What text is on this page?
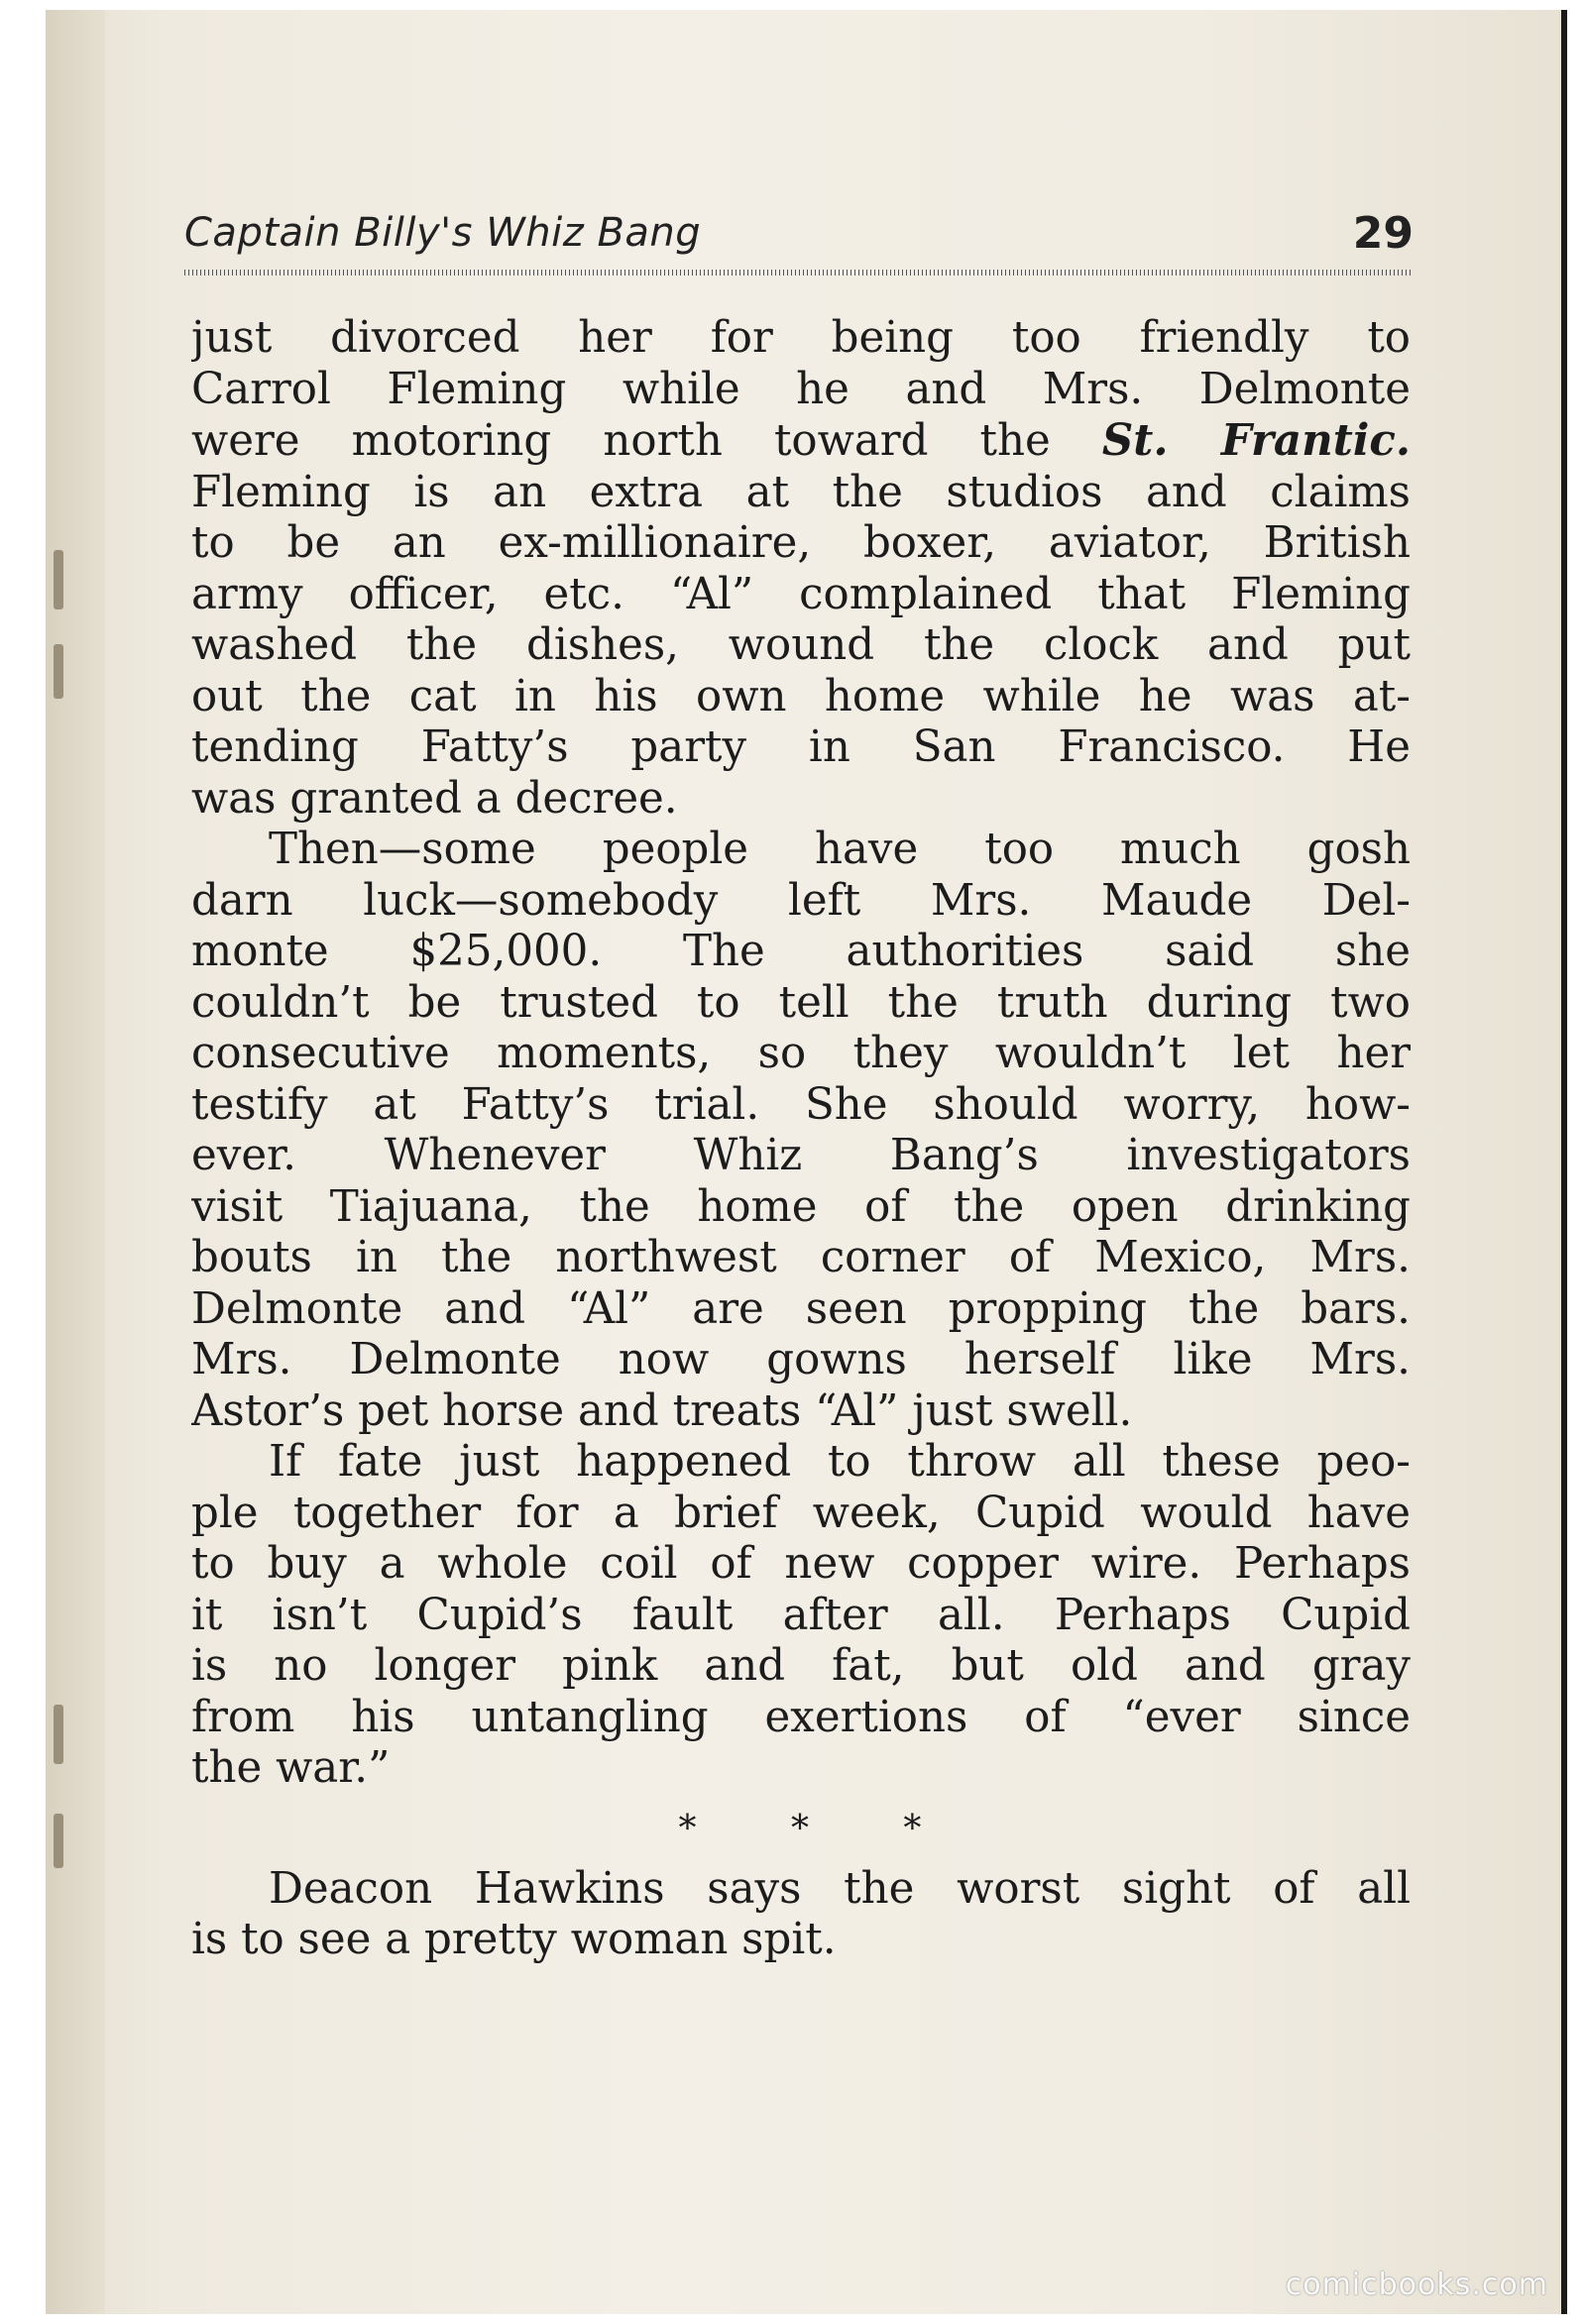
Captain Billy's Whiz Bang	29

just divorced her for being too friendly to
Carrol Fleming while he and Mrs. Delmonte
were motoring north toward the St. Frantic.
Fleming is an extra at the studios and claims
to be an ex-millionaire, boxer, aviator, British
army officer, etc. “Al” complained that Fleming
washed the dishes, wound the clock and put
out the cat in his own home while he was at-
tending Fatty’s party in San Francisco. He
was granted a decree.

Then—some people have too much gosh
darn luck—somebody left Mrs. Maude Del-
monte $25,000. The authorities said she
couldn’t be trusted to tell the truth during two
consecutive moments, so they wouldn’t let her
testify at Fatty’s trial. She should worry, how-
ever. Whenever Whiz Bang’s investigators
visit Tiajuana, the home of the open drinking
bouts in the northwest corner of Mexico, Mrs.
Delmonte and “Al” are seen propping the bars.
Mrs. Delmonte now gowns herself like Mrs.
Astor’s pet horse and treats “Al” just swell.

If fate just happened to throw all these peo-
ple together for a brief week, Cupid would have
to buy a whole coil of new copper wire. Perhaps
it isn’t Cupid’s fault after all. Perhaps Cupid
is no longer pink and fat, but old and gray
from his untangling exertions of “ever since
the war.”

* * *

Deacon Hawkins says the worst sight of all
is to see a pretty woman spit.

comicbooks.com
